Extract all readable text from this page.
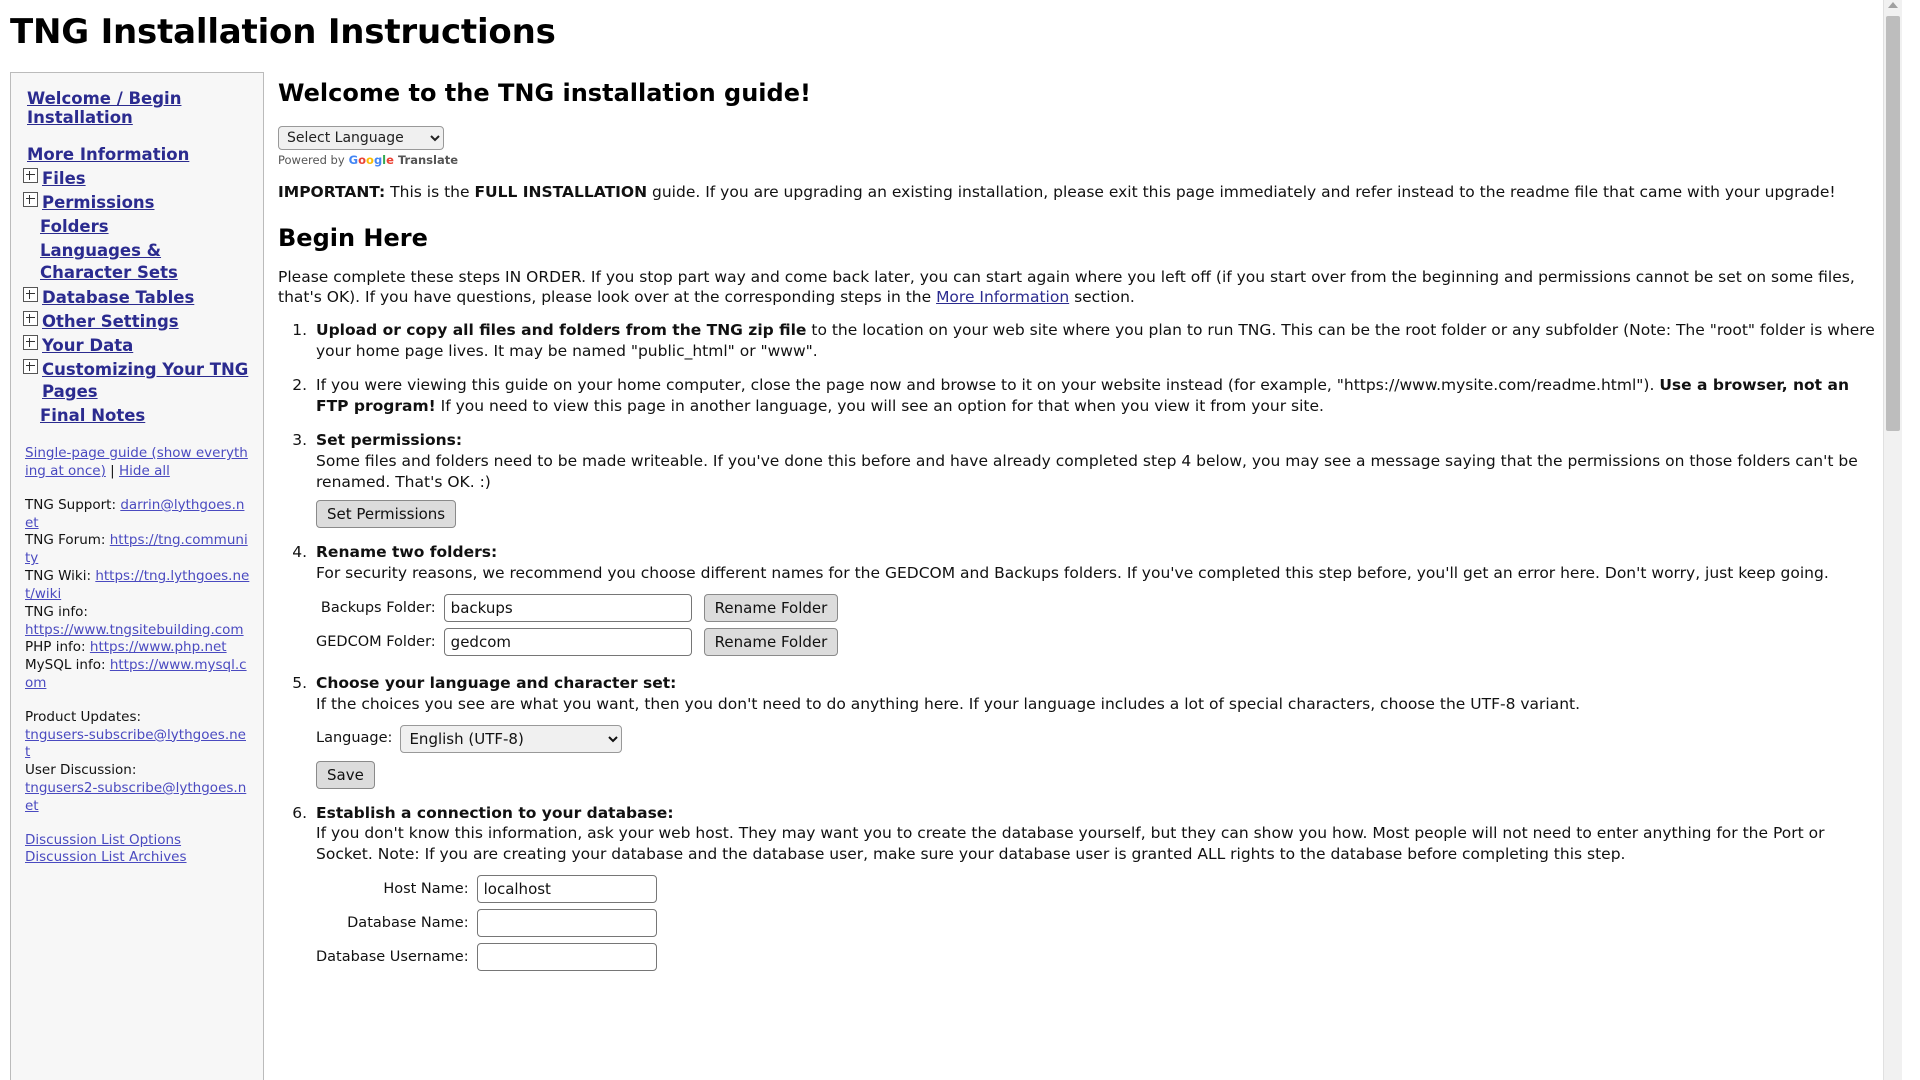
TNG Installation Instructions
Welcome / Begin Installation
More Information
Files
Permissions
Folders
Languages & Character Sets
Database Tables
Other Settings
Your Data
Customizing Your TNG Pages
Final Notes
Single-page guide (show everything at once) | Hide all
TNG Support: darrin@lythgoes.net
TNG Forum: https://tng.community
TNG Wiki: https://tng.lythgoes.net/wiki
TNG info:
https://www.tngsitebuilding.com
PHP info: https://www.php.net
MySQL info: https://www.mysql.com
Product Updates:
tngusers-subscribe@lythgoes.net
User Discussion:
tngusers2-subscribe@lythgoes.net
Discussion List Options
Discussion List Archives
Welcome to the TNG installation guide!
Select Language
Powered by Google Translate

IMPORTANT: This is the FULL INSTALLATION guide. If you are upgrading an existing installation, please exit this page immediately and refer instead to the readme file that came with your upgrade!

Begin Here

Please complete these steps IN ORDER. If you stop part way and come back later, you can start again where you left off (if you start over from the beginning and permissions cannot be set on some files, that's OK). If you have questions, please look over at the corresponding steps in the More Information section.

1. Upload or copy all files and folders from the TNG zip file to the location on your web site where you plan to run TNG. This can be the root folder or any subfolder (Note: The "root" folder is where your home page lives. It may be named "public_html" or "www".
2. If you were viewing this guide on your home computer, close the page now and browse to it on your website instead (for example, "https://www.mysite.com/readme.html"). Use a browser, not an FTP program! If you need to view this page in another language, you will see an option for that when you view it from your site.
3. Set permissions:
Some files and folders need to be made writeable. If you've done this before and have already completed step 4 below, you may see a message saying that the permissions on those folders can't be renamed. That's OK. :)
Set Permissions
4. Rename two folders:
For security reasons, we recommend you choose different names for the GEDCOM and Backups folders. If you've completed this step before, you'll get an error here. Don't worry, just keep going.
Backups Folder:	backups	Rename Folder
GEDCOM Folder:	gedcom	Rename Folder
5. Choose your language and character set:
If the choices you see are what you want, then you don't need to do anything here. If your language includes a lot of special characters, choose the UTF-8 variant.
Language:
English (UTF-8)
Save
6. Establish a connection to your database:
If you don't know this information, ask your web host. They may want you to create the database yourself, but they can show you how. Most people will not need to enter anything for the Port or Socket. Note: If you are creating your database and the database user, make sure your database user is granted ALL rights to the database before completing this step.
Host Name:	localhost
Database Name:	
Database Username:	
